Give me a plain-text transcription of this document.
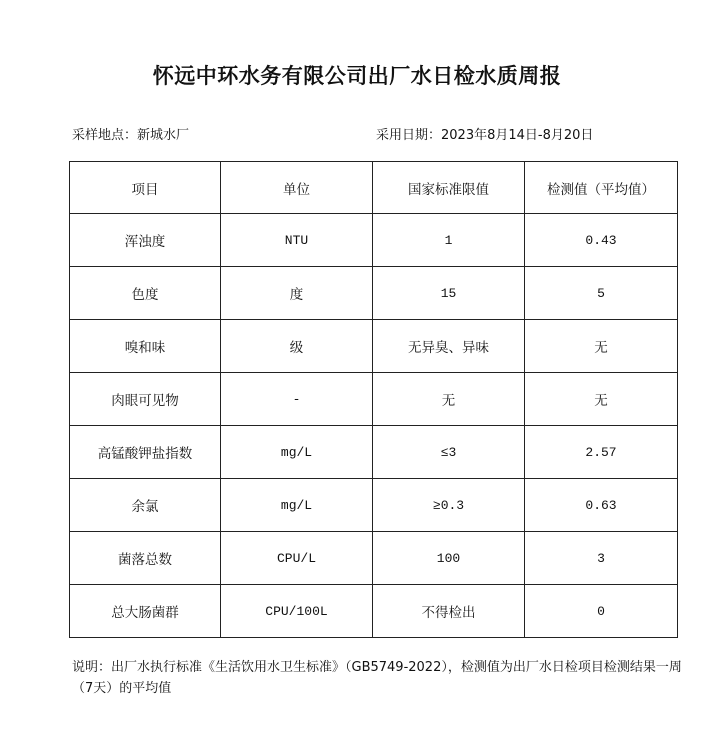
怀远中环水务有限公司出厂水日检水质周报
采样地点：新城水厂	采用日期：2023年8月14日-8月20日
项目	单位	国家标准限值	检测值（平均值）
浑浊度	NTU	1	0.43
色度	度	15	5
嗅和味	级	无异臭、异味	无
肉眼可见物	-	无	无
高锰酸钾盐指数	mg/L	≤3	2.57
余氯	mg/L	≥0.3	0.63
菌落总数	CPU/L	100	3
总大肠菌群	CPU/100L	不得检出	0
说明：出厂水执行标准《生活饮用水卫生标准》（GB5749-2022），检测值为出厂水日检项目检测结果一周（7天）的平均值
